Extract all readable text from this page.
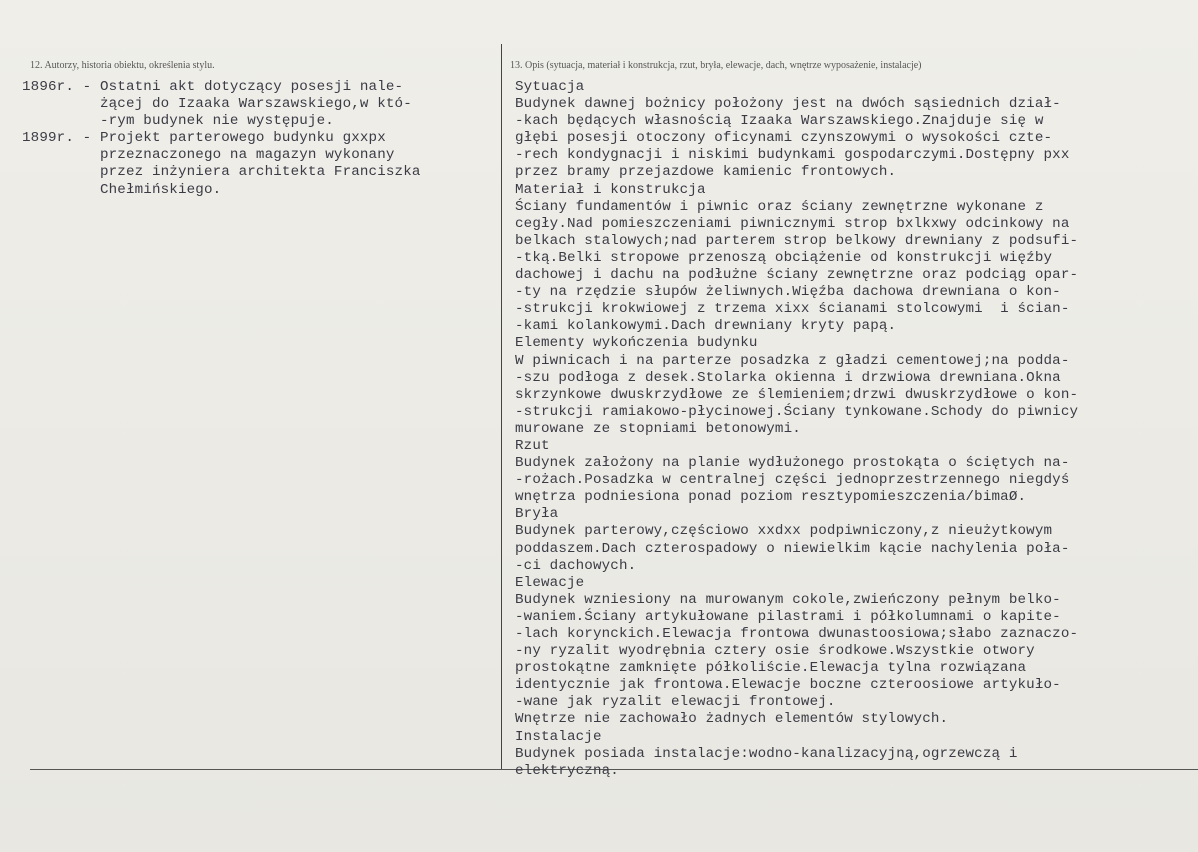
12. Autorzy, historia obiektu, określenia stylu.	13. Opis (sytuacja, materiał i konstrukcja, rzut, bryła, elewacje, dach, wnętrze wyposażenie, instalacje)
1896r. - Ostatni akt dotyczący posesji nale-
żącej do Izaaka Warszawskiego,w któ-
-rym budynek nie występuje.
1899r. - Projekt parterowego budynku gxxpx
przeznaczonego na magazyn wykonany
przez inżyniera architekta Franciszka
Chełmińskiego.
Sytuacja
Budynek dawnej bożnicy położony jest na dwóch sąsiednich dział-
-kach będących własnością Izaaka Warszawskiego.Znajduje się w
głębi posesji otoczony oficynami czynszowymi o wysokości czte-
-rech kondygnacji i niskimi budynkami gospodarczymi.Dostępny pxx
przez bramy przejazdowe kamienic frontowych.
Materiał i konstrukcja
Ściany fundamentów i piwnic oraz ściany zewnętrzne wykonane z
cegły.Nad pomieszczeniami piwnicznymi strop bxlkxwy odcinkowy na
belkach stalowych;nad parterem strop belkowy drewniany z podsufi-
-tką.Belki stropowe przenoszą obciążenie od konstrukcji więźby
dachowej i dachu na podłużne ściany zewnętrzne oraz podciąg opar-
-ty na rzędzie słupów żeliwnych.Więźba dachowa drewniana o kon-
-strukcji krokwiowej z trzema xixx ścianami stolcowymi  i ścian-
-kami kolankowymi.Dach drewniany kryty papą.
Elementy wykończenia budynku
W piwnicach i na parterze posadzka z gładzi cementowej;na podda-
-szu podłoga z desek.Stolarka okienna i drzwiowa drewniana.Okna
skrzynkowe dwuskrzydłowe ze ślemieniem;drzwi dwuskrzydłowe o kon-
-strukcji ramiakowo-płycinowej.Ściany tynkowane.Schody do piwnicy
murowane ze stopniami betonowymi.
Rzut
Budynek założony na planie wydłużonego prostokąta o ściętych na-
-rożach.Posadzka w centralnej części jednoprzestrzennego niegdyś
wnętrza podniesiona ponad poziom resztypomieszczenia/bimaØ.
Bryła
Budynek parterowy,częściowo xxdxx podpiwniczony,z nieużytkowym
poddaszem.Dach czterospadowy o niewielkim kącie nachylenia poła-
-ci dachowych.
Elewacje
Budynek wzniesiony na murowanym cokole,zwieńczony pełnym belko-
-waniem.Ściany artykułowane pilastrami i półkolumnami o kapite-
-lach korynckich.Elewacja frontowa dwunastoosiowa;słabo zaznaczo-
-ny ryzalit wyodrębnia cztery osie środkowe.Wszystkie otwory
prostokątne zamknięte półkoliście.Elewacja tylna rozwiązana
identycznie jak frontowa.Elewacje boczne czteroosiowe artykuło-
-wane jak ryzalit elewacji frontowej.
Wnętrze nie zachowało żadnych elementów stylowych.
Instalacje
Budynek posiada instalacje:wodno-kanalizacyjną,ogrzewczą i
elektryczną.
